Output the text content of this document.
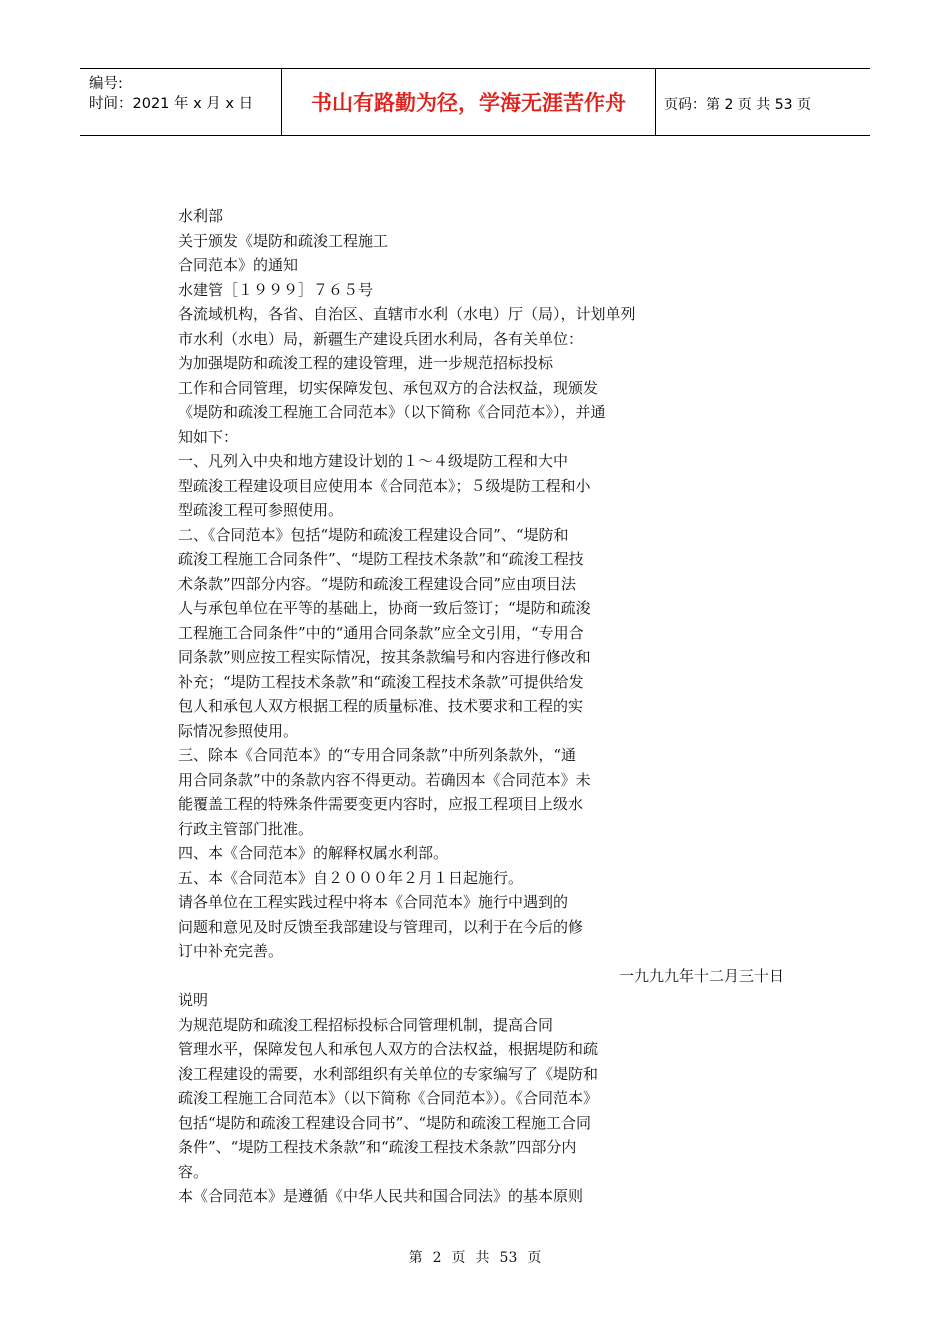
编号:
时间：2021 年 x 月 x 日	书山有路勤为径，学海无涯苦作舟	页码：第 2 页 共 53 页
水利部
关于颁发《堤防和疏浚工程施工
合同范本》的通知
水建管［１９９９］７６５号
各流域机构，各省、自治区、直辖市水利（水电）厅（局），计划单列
市水利（水电）局，新疆生产建设兵团水利局，各有关单位：
为加强堤防和疏浚工程的建设管理，进一步规范招标投标
工作和合同管理，切实保障发包、承包双方的合法权益，现颁发
《堤防和疏浚工程施工合同范本》（以下简称《合同范本》），并通
知如下：
一、凡列入中央和地方建设计划的１～４级堤防工程和大中
型疏浚工程建设项目应使用本《合同范本》；５级堤防工程和小
型疏浚工程可参照使用。
二、《合同范本》包括“堤防和疏浚工程建设合同”、“堤防和
疏浚工程施工合同条件”、“堤防工程技术条款”和“疏浚工程技
术条款”四部分内容。“堤防和疏浚工程建设合同”应由项目法
人与承包单位在平等的基础上，协商一致后签订；“堤防和疏浚
工程施工合同条件”中的“通用合同条款”应全文引用，“专用合
同条款”则应按工程实际情况，按其条款编号和内容进行修改和
补充；“堤防工程技术条款”和“疏浚工程技术条款”可提供给发
包人和承包人双方根据工程的质量标准、技术要求和工程的实
际情况参照使用。
三、除本《合同范本》的“专用合同条款”中所列条款外，“通
用合同条款”中的条款内容不得更动。若确因本《合同范本》未
能覆盖工程的特殊条件需要变更内容时，应报工程项目上级水
行政主管部门批准。
四、本《合同范本》的解释权属水利部。
五、本《合同范本》自２０００年２月１日起施行。
请各单位在工程实践过程中将本《合同范本》施行中遇到的
问题和意见及时反馈至我部建设与管理司，以利于在今后的修
订中补充完善。
一九九九年十二月三十日
说明
为规范堤防和疏浚工程招标投标合同管理机制，提高合同
管理水平，保障发包人和承包人双方的合法权益，根据堤防和疏
浚工程建设的需要，水利部组织有关单位的专家编写了《堤防和
疏浚工程施工合同范本》（以下简称《合同范本》）。《合同范本》
包括“堤防和疏浚工程建设合同书”、“堤防和疏浚工程施工合同
条件”、“堤防工程技术条款”和“疏浚工程技术条款”四部分内
容。
本《合同范本》是遵循《中华人民共和国合同法》的基本原则
第 2 页 共 53 页
